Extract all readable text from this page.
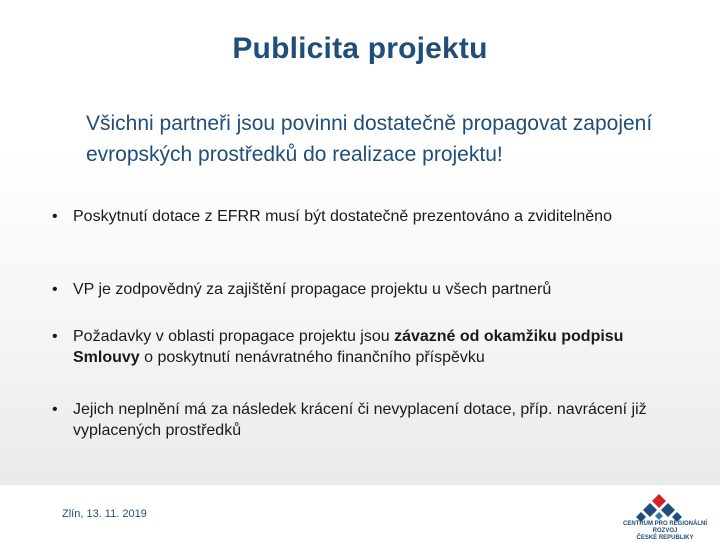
Publicita projektu
Všichni partneři jsou povinni dostatečně propagovat zapojení evropských prostředků do realizace projektu!
• Poskytnutí dotace z EFRR musí být dostatečně prezentováno a zviditelněno
• VP je zodpovědný za zajištění propagace projektu u všech partnerů
• Požadavky v oblasti propagace projektu jsou závazné od okamžiku podpisu Smlouvy o poskytnutí nenávratného finančního příspěvku
• Jejich neplnění má za následek krácení či nevyplacení dotace, příp. navrácení již vyplacených prostředků
Zlín, 13. 11. 2019
CENTRUM PRO REGIONÁLNÍ ROZVOJ
ČESKÉ REPUBLIKY
